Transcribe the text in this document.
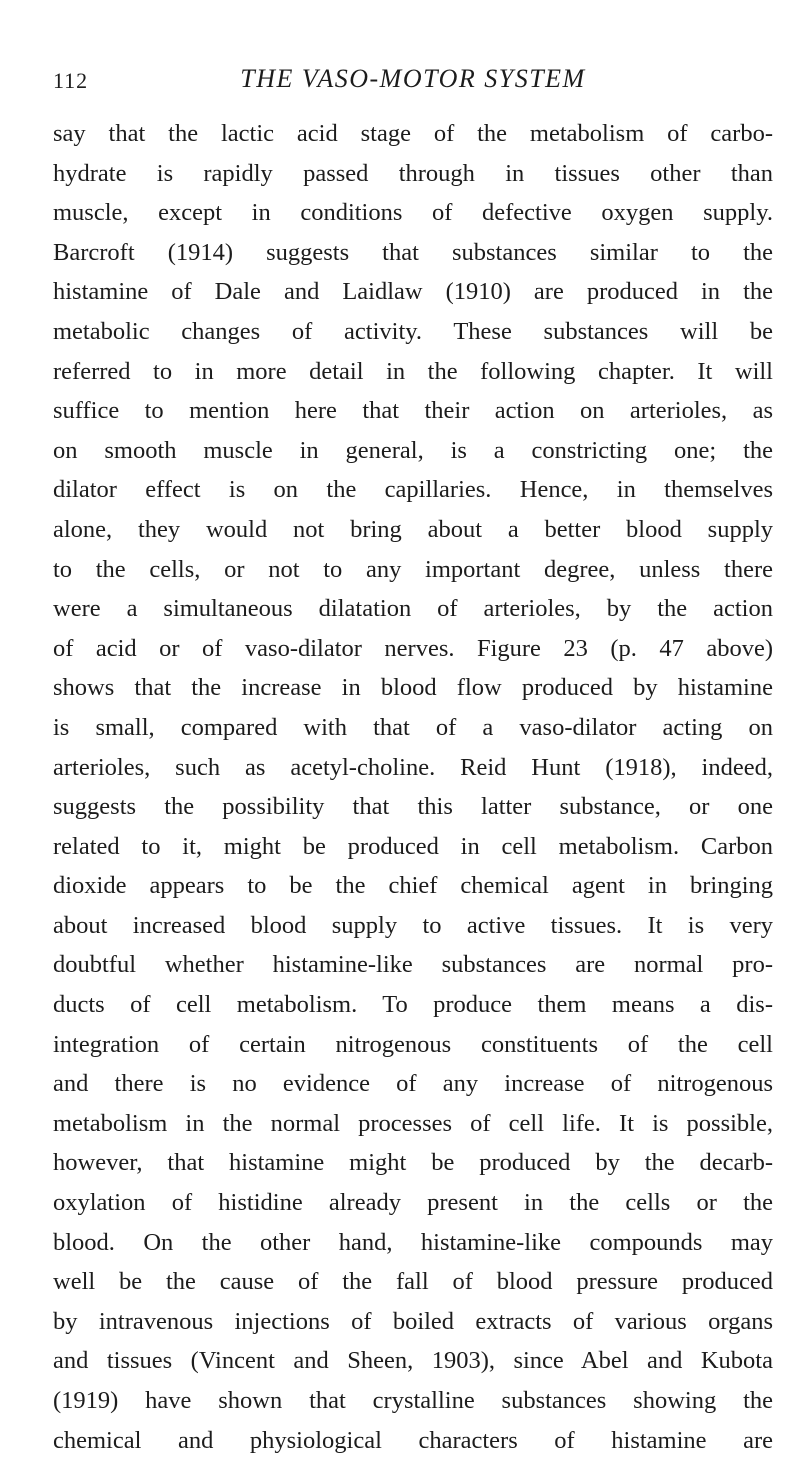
112	THE VASO-MOTOR SYSTEM
say that the lactic acid stage of the metabolism of carbo-
hydrate is rapidly passed through in tissues other than
muscle, except in conditions of defective oxygen supply.
Barcroft (1914) suggests that substances similar to the
histamine of Dale and Laidlaw (1910) are produced in the
metabolic changes of activity. These substances will be
referred to in more detail in the following chapter. It will
suffice to mention here that their action on arterioles, as
on smooth muscle in general, is a constricting one; the
dilator effect is on the capillaries. Hence, in themselves
alone, they would not bring about a better blood supply
to the cells, or not to any important degree, unless there
were a simultaneous dilatation of arterioles, by the action
of acid or of vaso-dilator nerves. Figure 23 (p. 47 above)
shows that the increase in blood flow produced by histamine
is small, compared with that of a vaso-dilator acting on
arterioles, such as acetyl-choline. Reid Hunt (1918), indeed,
suggests the possibility that this latter substance, or one
related to it, might be produced in cell metabolism. Carbon
dioxide appears to be the chief chemical agent in bringing
about increased blood supply to active tissues. It is very
doubtful whether histamine-like substances are normal pro-
ducts of cell metabolism. To produce them means a dis-
integration of certain nitrogenous constituents of the cell
and there is no evidence of any increase of nitrogenous
metabolism in the normal processes of cell life. It is possible,
however, that histamine might be produced by the decarb-
oxylation of histidine already present in the cells or the
blood. On the other hand, histamine-like compounds may
well be the cause of the fall of blood pressure produced
by intravenous injections of boiled extracts of various organs
and tissues (Vincent and Sheen, 1903), since Abel and Kubota
(1919) have shown that crystalline substances showing the
chemical and physiological characters of histamine are
